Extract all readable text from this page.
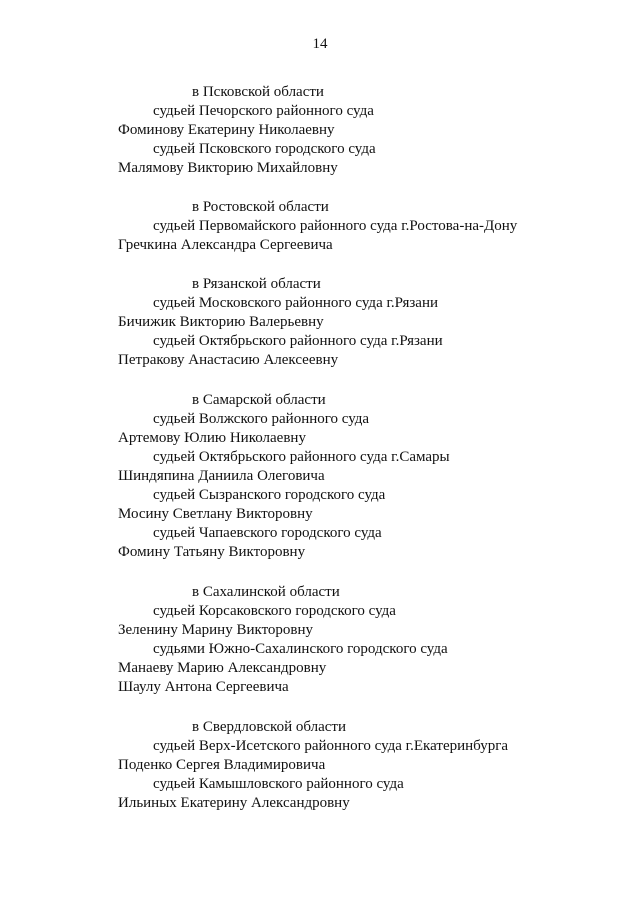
14
в Псковской области
судьей Печорского районного суда
Фоминову Екатерину Николаевну
судьей Псковского городского суда
Малямову Викторию Михайловну
в Ростовской области
судьей Первомайского районного суда г.Ростова-на-Дону
Гречкина Александра Сергеевича
в Рязанской области
судьей Московского районного суда г.Рязани
Бичижик Викторию Валерьевну
судьей Октябрьского районного суда г.Рязани
Петракову Анастасию Алексеевну
в Самарской области
судьей Волжского районного суда
Артемову Юлию Николаевну
судьей Октябрьского районного суда г.Самары
Шиндяпина Даниила Олеговича
судьей Сызранского городского суда
Мосину Светлану Викторовну
судьей Чапаевского городского суда
Фомину Татьяну Викторовну
в Сахалинской области
судьей Корсаковского городского суда
Зеленину Марину Викторовну
судьями Южно-Сахалинского городского суда
Манаеву Марию Александровну
Шаулу Антона Сергеевича
в Свердловской области
судьей Верх-Исетского районного суда г.Екатеринбурга
Поденко Сергея Владимировича
судьей Камышловского районного суда
Ильиных Екатерину Александровну
